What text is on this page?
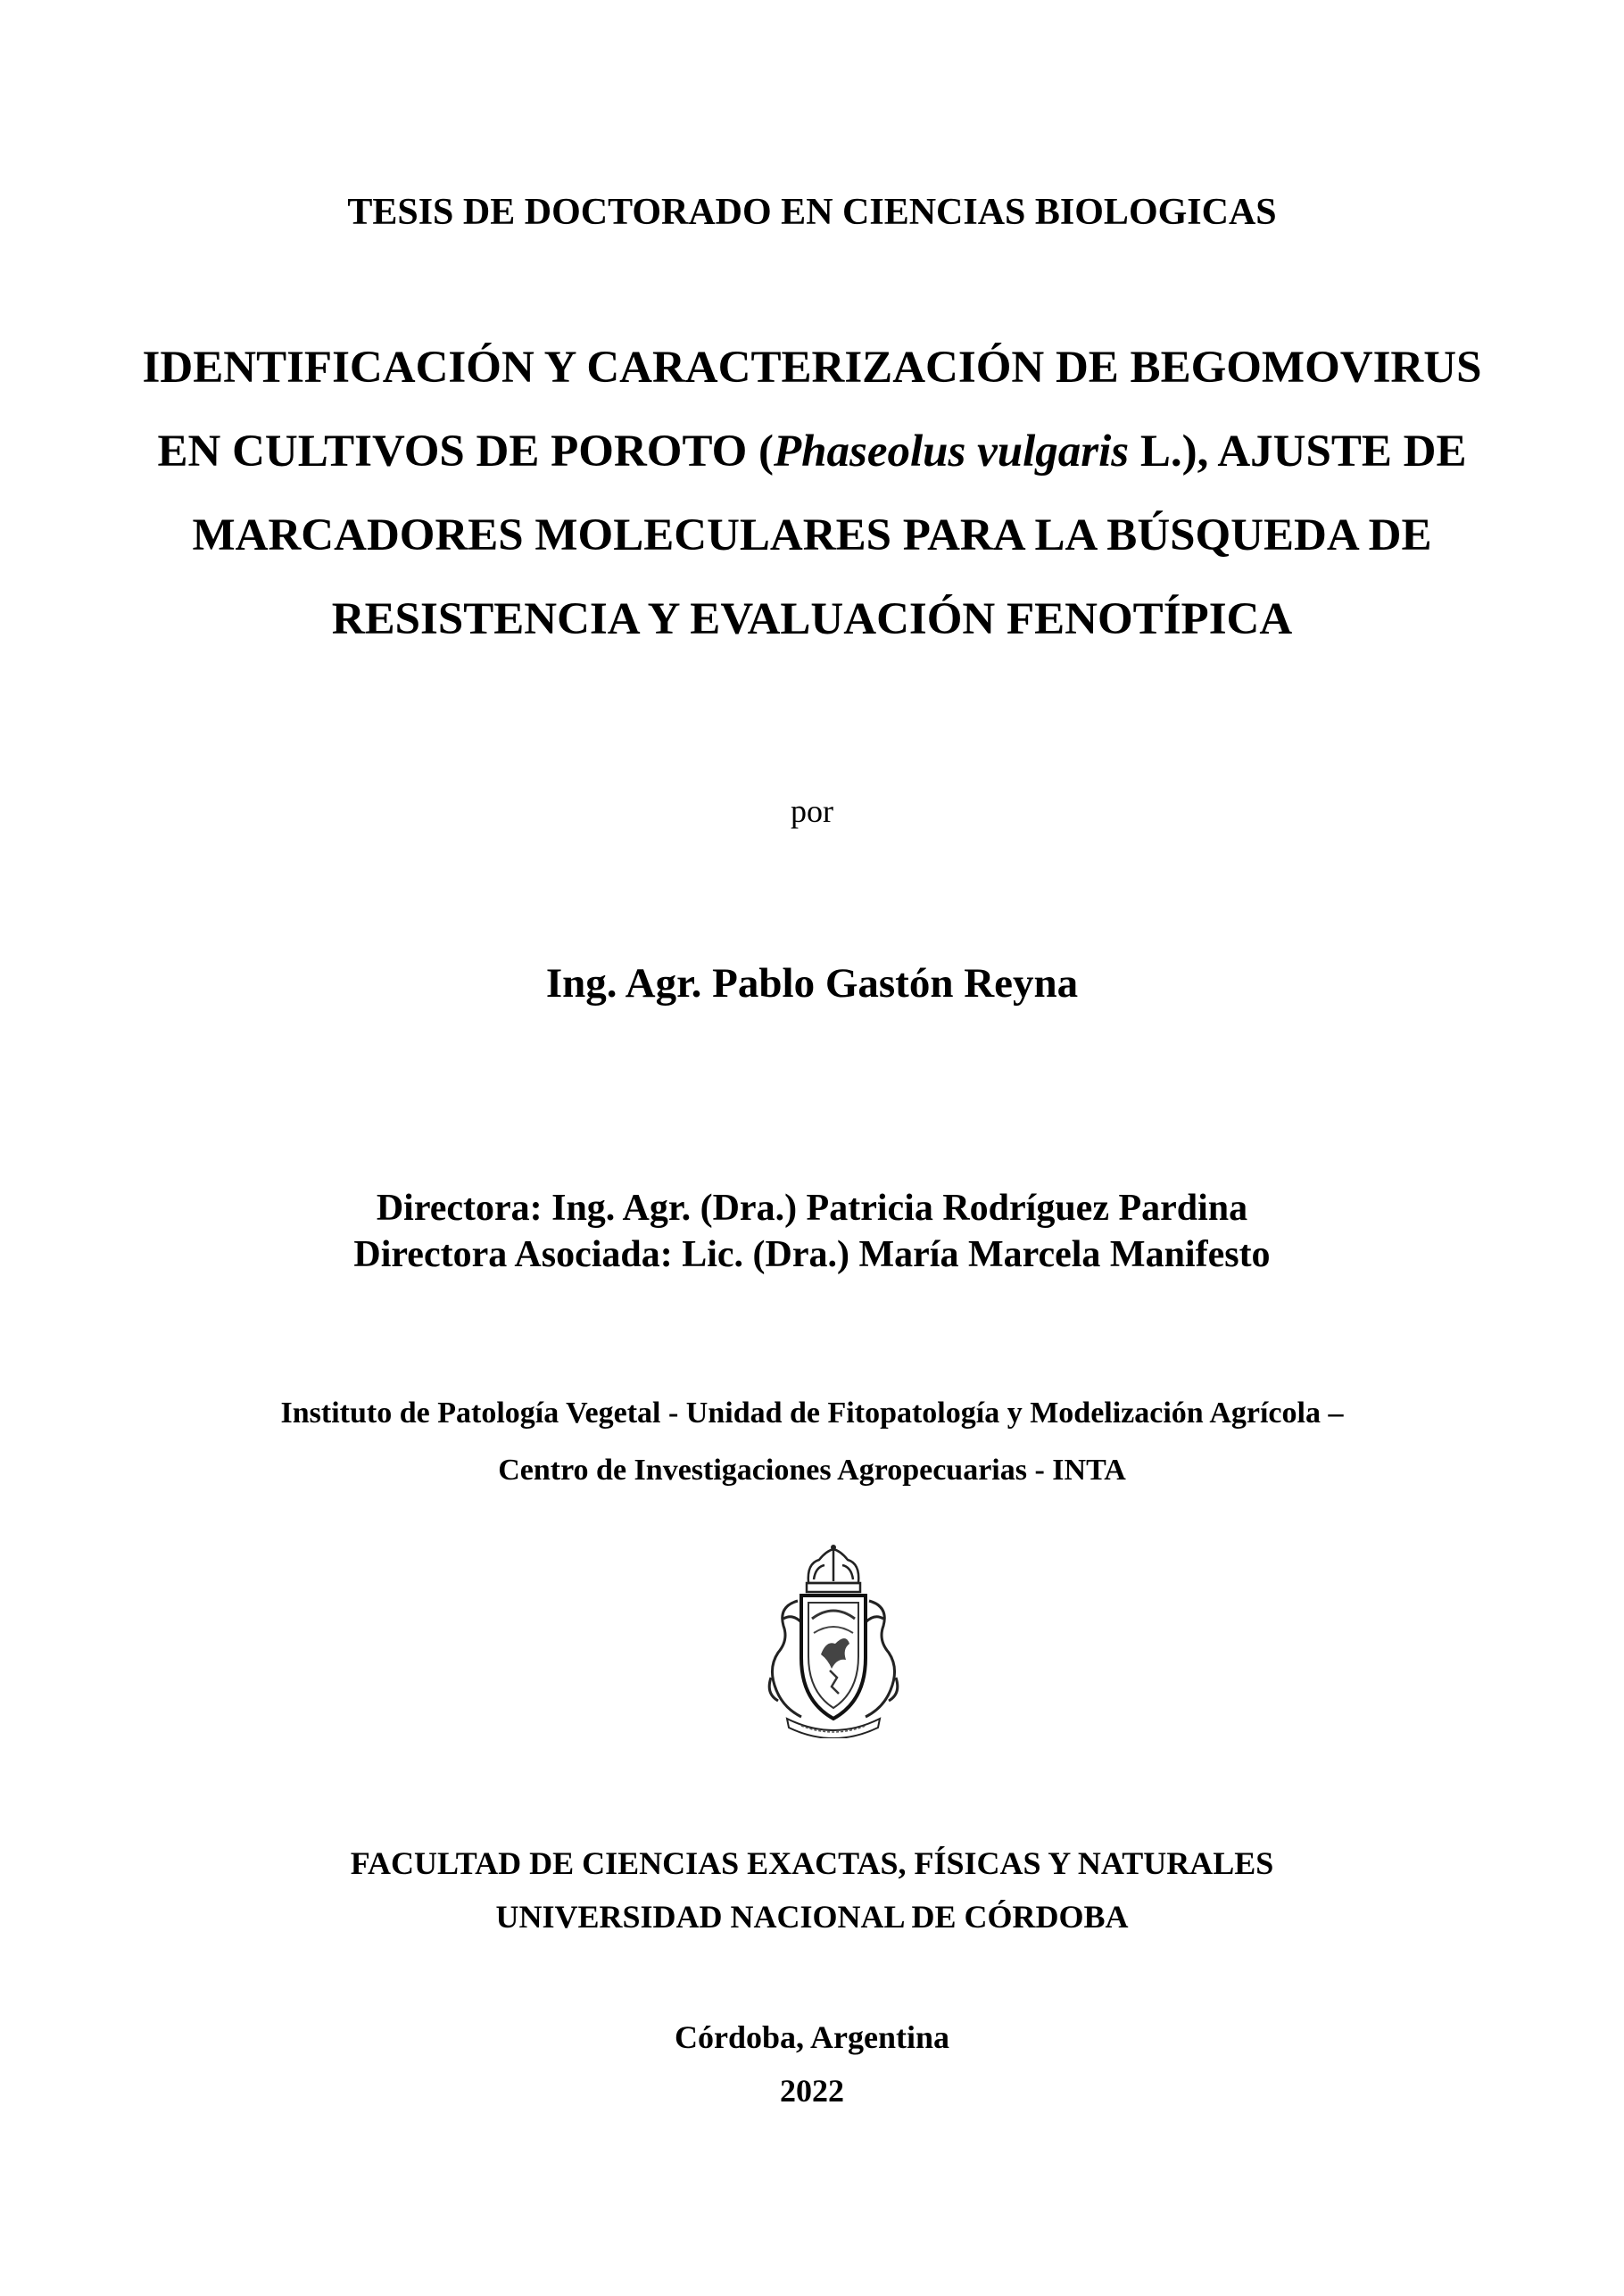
TESIS DE DOCTORADO EN CIENCIAS BIOLOGICAS
IDENTIFICACIÓN Y CARACTERIZACIÓN DE BEGOMOVIRUS
EN CULTIVOS DE POROTO (Phaseolus vulgaris L.), AJUSTE DE
MARCADORES MOLECULARES PARA LA BÚSQUEDA DE
RESISTENCIA Y EVALUACIÓN FENOTÍPICA
por
Ing. Agr. Pablo Gastón Reyna
Directora: Ing. Agr. (Dra.) Patricia Rodríguez Pardina
Directora Asociada: Lic. (Dra.) María Marcela Manifesto
Instituto de Patología Vegetal - Unidad de Fitopatología y Modelización Agrícola –
Centro de Investigaciones Agropecuarias - INTA
FACULTAD DE CIENCIAS EXACTAS, FÍSICAS Y NATURALES
UNIVERSIDAD NACIONAL DE CÓRDOBA
Córdoba, Argentina
2022
